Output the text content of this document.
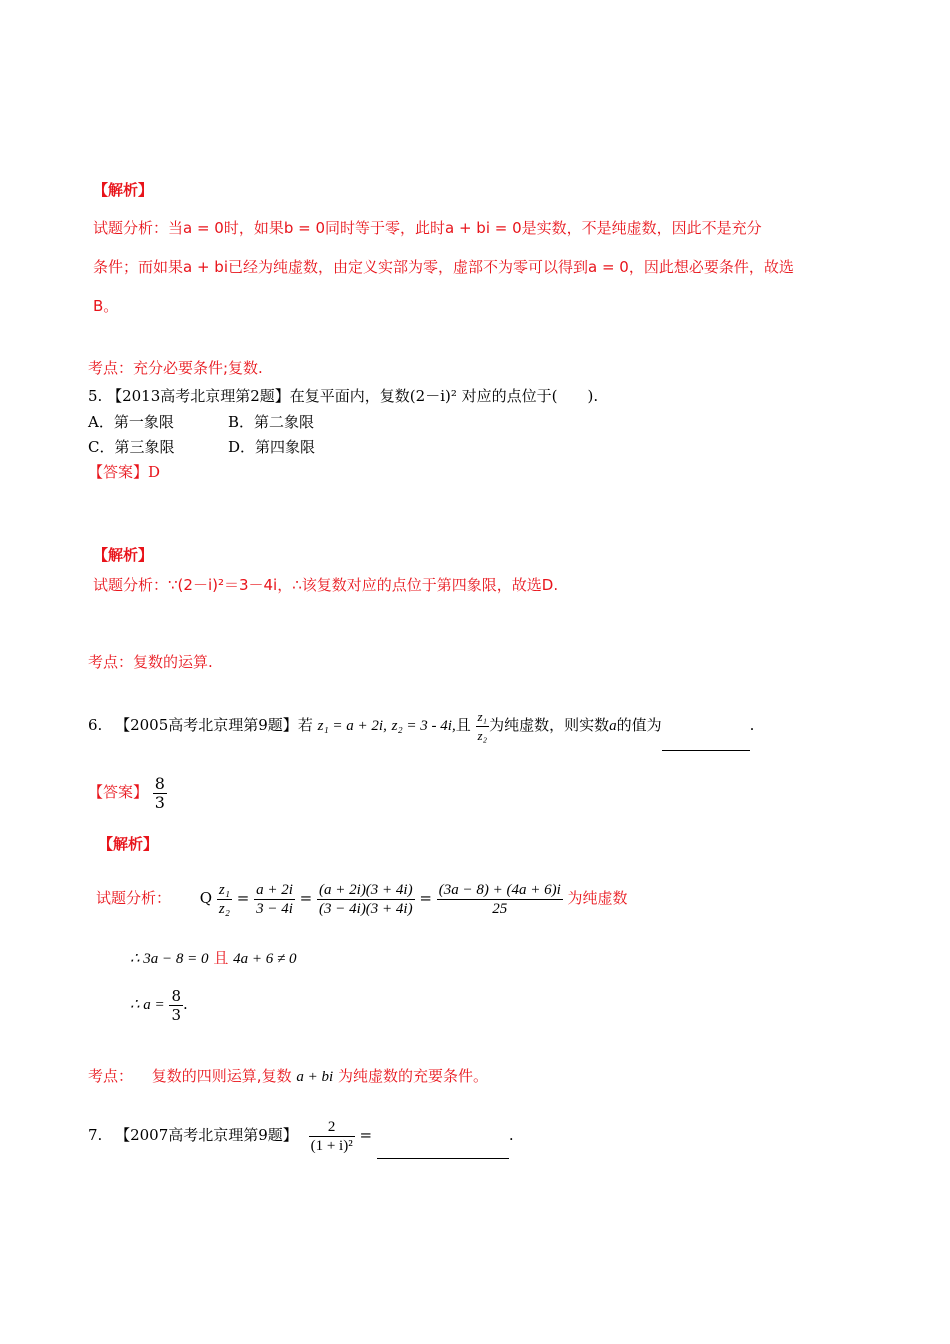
【解析】
试题分析：当a = 0时，如果b = 0同时等于零，此时a + bi = 0是实数，不是纯虚数，因此不是充分
条件；而如果a + bi已经为纯虚数，由定义实部为零，虚部不为零可以得到a = 0，因此想必要条件，故选
B。
考点：充分必要条件;复数.
5. 【2013高考北京理第2题】在复平面内，复数(2－i)² 对应的点位于(　　).
A．第一象限	B．第二象限
C．第三象限	D．第四象限
【答案】D
【解析】
试题分析：∵(2－i)²＝3－4i，∴该复数对应的点位于第四象限，故选D.
考点：复数的运算.
6. 【2005高考北京理第9题】若 z₁ = a + 2i, z₂ = 3 - 4i,且 $\frac{\text{z₁}}{\text{z₂}}$ 为纯虚数，则实数a的值为	.
【答案】 $\frac{8}{3}$
【解析】
试题分析： Q $\frac{\text{z₁}}{\text{z₂}} = \frac{a + 2i}{3 - 4i} = \frac{(a + 2i)(3 + 4i)}{(3 - 4i)(3 + 4i)} = \frac{(3a - 8) + (4a + 6)i}{25}$ 为纯虚数
∴ 3a − 8 = 0 且 4a + 6 ≠ 0
∴ $a = \frac{8}{3}$ .
考点： 复数的四则运算,复数 a + bi 为纯虚数的充要条件。
7. 【2007高考北京理第9题】 $\frac{2}{\text{(1 + i)²}}$ =	.
